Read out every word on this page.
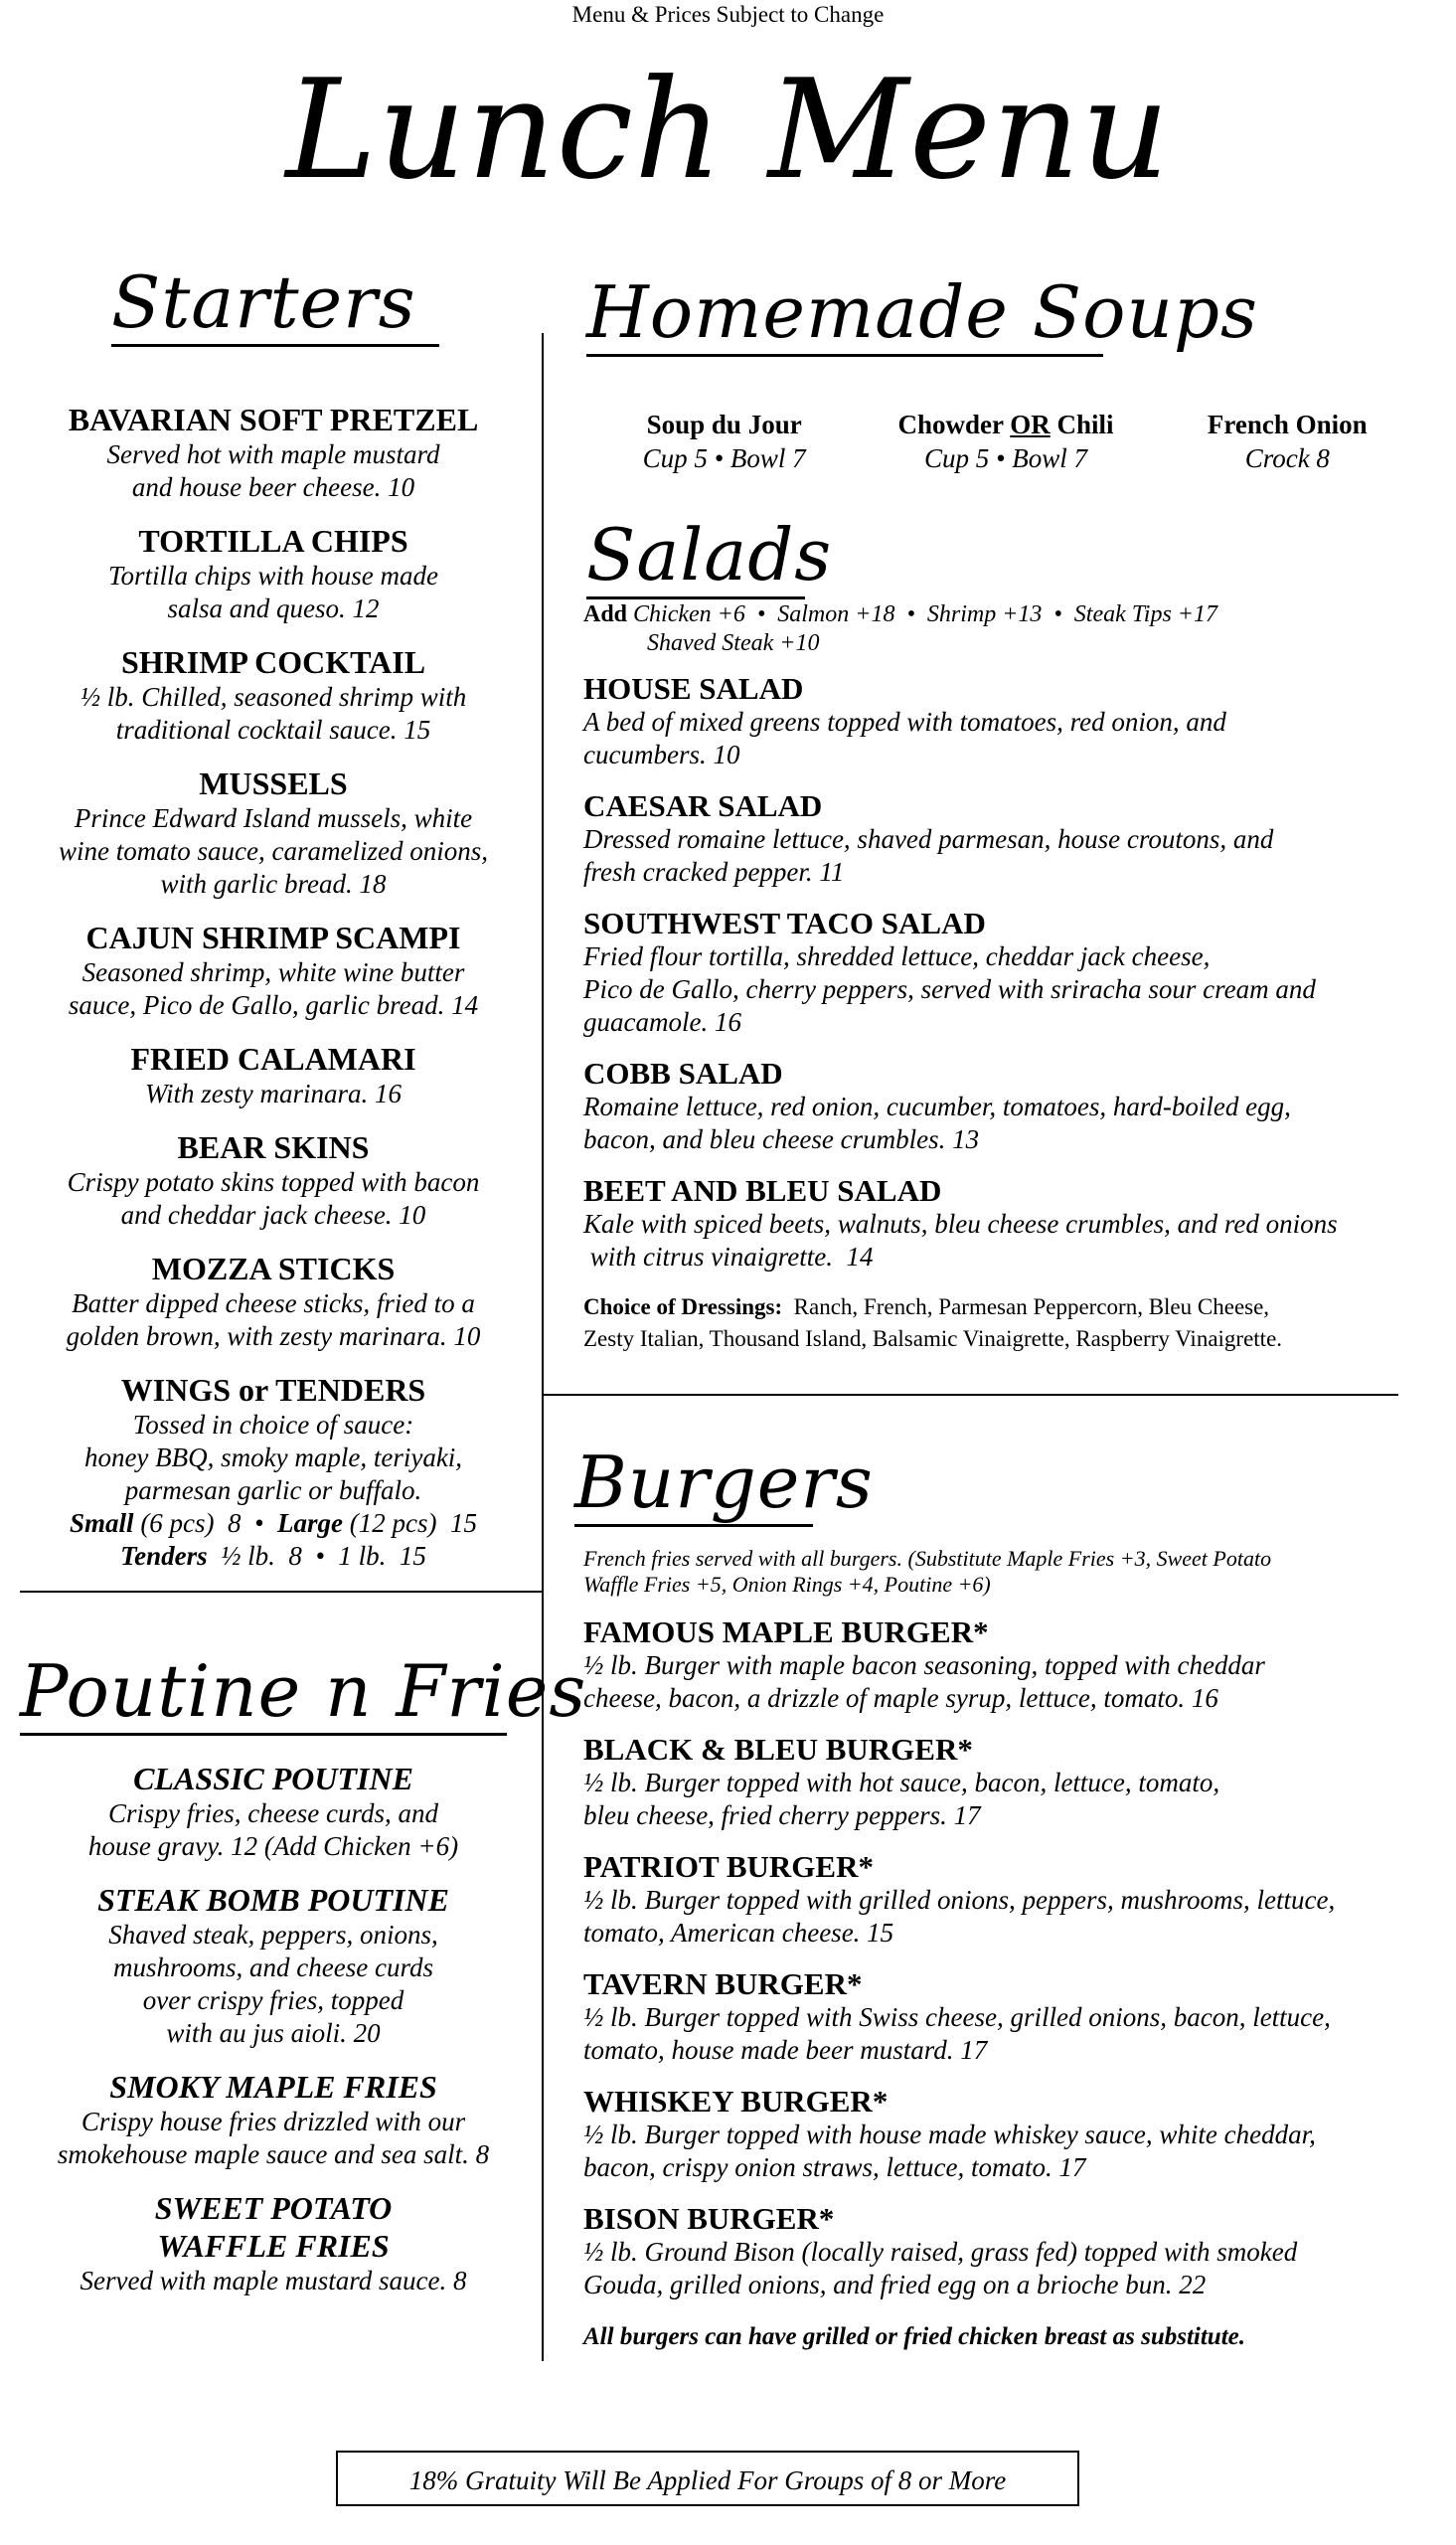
Menu & Prices Subject to Change
Lunch Menu
Starters
BAVARIAN SOFT PRETZEL
Served hot with maple mustard
and house beer cheese. 10
TORTILLA CHIPS
Tortilla chips with house made
salsa and queso. 12
SHRIMP COCKTAIL
½ lb. Chilled, seasoned shrimp with
traditional cocktail sauce. 15
MUSSELS
Prince Edward Island mussels, white
wine tomato sauce, caramelized onions,
with garlic bread. 18
CAJUN SHRIMP SCAMPI
Seasoned shrimp, white wine butter
sauce, Pico de Gallo, garlic bread. 14
FRIED CALAMARI
With zesty marinara. 16
BEAR SKINS
Crispy potato skins topped with bacon
and cheddar jack cheese. 10
MOZZA STICKS
Batter dipped cheese sticks, fried to a
golden brown, with zesty marinara. 10
WINGS or TENDERS
Tossed in choice of sauce:
honey BBQ, smoky maple, teriyaki,
parmesan garlic or buffalo.
Small (6 pcs)  8  •  Large (12 pcs)  15
Tenders  ½ lb.  8  •  1 lb.  15
Poutine n Fries
CLASSIC POUTINE
Crispy fries, cheese curds, and
house gravy. 12 (Add Chicken +6)
STEAK BOMB POUTINE
Shaved steak, peppers, onions,
mushrooms, and cheese curds
over crispy fries, topped
with au jus aioli. 20
SMOKY MAPLE FRIES
Crispy house fries drizzled with our
smokehouse maple sauce and sea salt. 8
SWEET POTATO
WAFFLE FRIES
Served with maple mustard sauce. 8
Homemade Soups
Soup du Jour
Cup 5 • Bowl 7
Chowder OR Chili
Cup 5 • Bowl 7
French Onion
Crock 8
Salads
Add Chicken +6  •  Salmon +18  •  Shrimp +13  •  Steak Tips +17
Shaved Steak +10
HOUSE SALAD
A bed of mixed greens topped with tomatoes, red onion, and
cucumbers. 10
CAESAR SALAD
Dressed romaine lettuce, shaved parmesan, house croutons, and
fresh cracked pepper. 11
SOUTHWEST TACO SALAD
Fried flour tortilla, shredded lettuce, cheddar jack cheese,
Pico de Gallo, cherry peppers, served with sriracha sour cream and
guacamole. 16
COBB SALAD
Romaine lettuce, red onion, cucumber, tomatoes, hard-boiled egg,
bacon, and bleu cheese crumbles. 13
BEET AND BLEU SALAD
Kale with spiced beets, walnuts, bleu cheese crumbles, and red onions
with citrus vinaigrette.  14
Choice of Dressings:  Ranch, French, Parmesan Peppercorn, Bleu Cheese,
Zesty Italian, Thousand Island, Balsamic Vinaigrette, Raspberry Vinaigrette.
Burgers
French fries served with all burgers. (Substitute Maple Fries +3, Sweet Potato
Waffle Fries +5, Onion Rings +4, Poutine +6)
FAMOUS MAPLE BURGER*
½ lb. Burger with maple bacon seasoning, topped with cheddar
cheese, bacon, a drizzle of maple syrup, lettuce, tomato. 16
BLACK & BLEU BURGER*
½ lb. Burger topped with hot sauce, bacon, lettuce, tomato,
bleu cheese, fried cherry peppers. 17
PATRIOT BURGER*
½ lb. Burger topped with grilled onions, peppers, mushrooms, lettuce,
tomato, American cheese. 15
TAVERN BURGER*
½ lb. Burger topped with Swiss cheese, grilled onions, bacon, lettuce,
tomato, house made beer mustard. 17
WHISKEY BURGER*
½ lb. Burger topped with house made whiskey sauce, white cheddar,
bacon, crispy onion straws, lettuce, tomato. 17
BISON BURGER*
½ lb. Ground Bison (locally raised, grass fed) topped with smoked
Gouda, grilled onions, and fried egg on a brioche bun. 22
All burgers can have grilled or fried chicken breast as substitute.
18% Gratuity Will Be Applied For Groups of 8 or More
